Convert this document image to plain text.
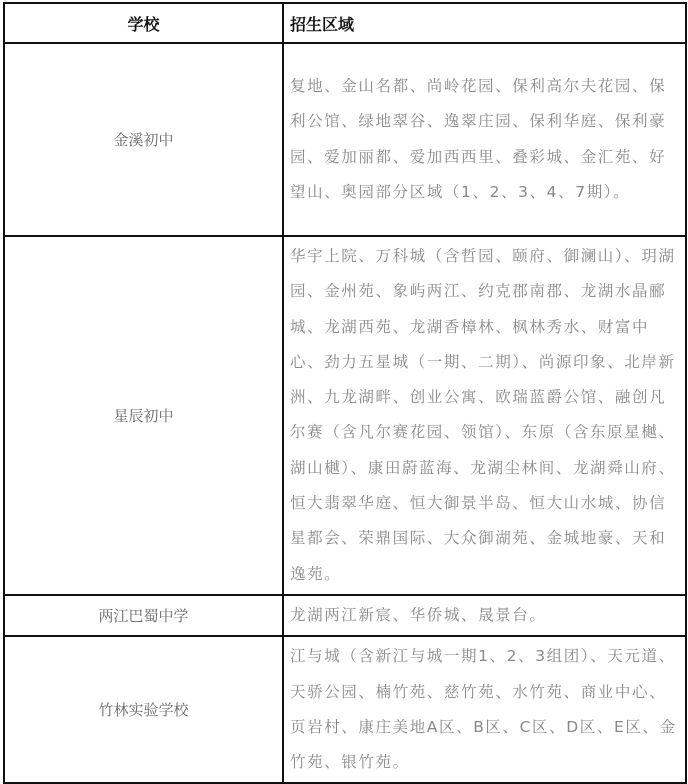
学校	招生区域
金溪初中	复地、金山名都、尚岭花园、保利高尔夫花园、保利公馆、绿地翠谷、逸翠庄园、保利华庭、保利豪园、爱加丽都、爱加西西里、叠彩城、金汇苑、好望山、奥园部分区域（1、2、3、4、7期）。
星辰初中	华宇上院、万科城（含哲园、颐府、御澜山）、玥湖园、金州苑、象屿两江、约克郡南郡、龙湖水晶郦城、龙湖西苑、龙湖香樟林、枫林秀水、财富中心、劲力五星城（一期、二期）、尚源印象、北岸新洲、九龙湖畔、创业公寓、欧瑞蓝爵公馆、融创凡尔赛（含凡尔赛花园、领馆）、东原（含东原星樾、湖山樾）、康田蔚蓝海、龙湖尘林间、龙湖舜山府、恒大翡翠华庭、恒大御景半岛、恒大山水城、协信星都会、荣鼎国际、大众御湖苑、金城地豪、天和逸苑。
两江巴蜀中学	龙湖两江新宸、华侨城、晟景台。
竹林实验学校	江与城（含新江与城一期1、2、3组团）、天元道、天骄公园、楠竹苑、慈竹苑、水竹苑、商业中心、页岩村、康庄美地A区、B区、C区、D区、E区、金竹苑、银竹苑。
